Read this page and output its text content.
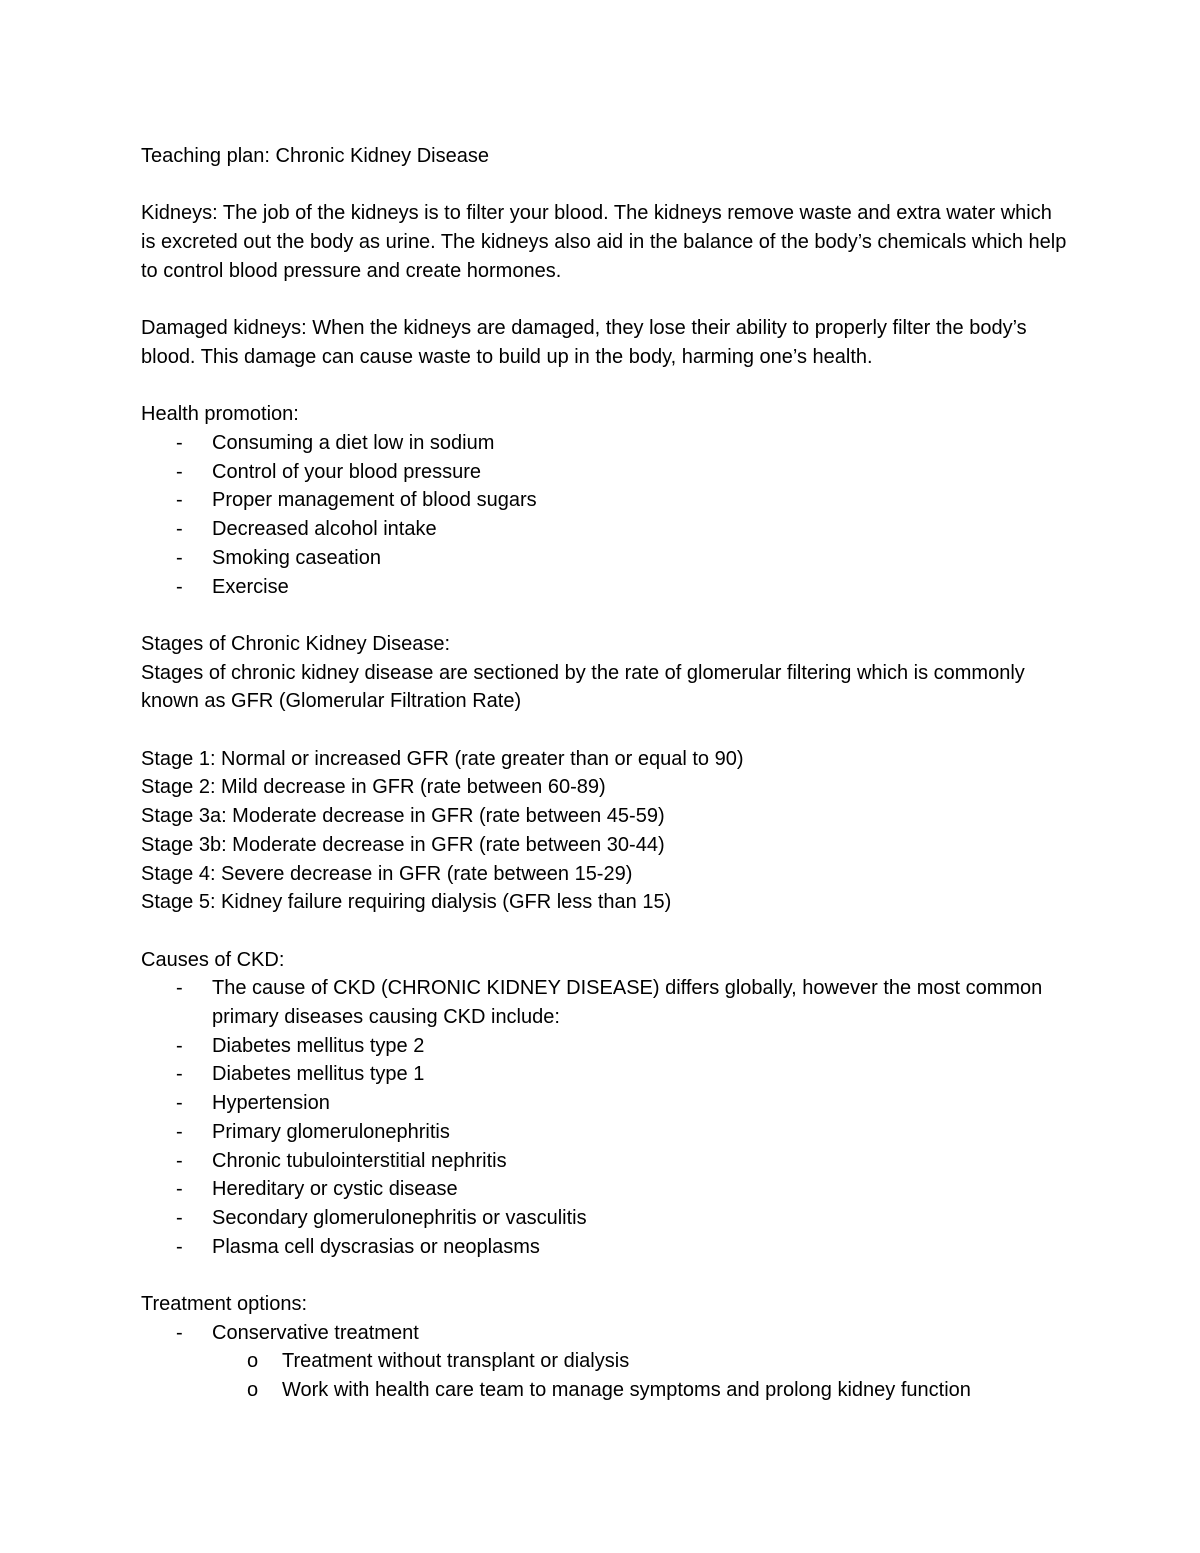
Teaching plan: Chronic Kidney Disease

Kidneys: The job of the kidneys is to filter your blood. The kidneys remove waste and extra water which is excreted out the body as urine. The kidneys also aid in the balance of the body’s chemicals which help to control blood pressure and create hormones.

Damaged kidneys: When the kidneys are damaged, they lose their ability to properly filter the body’s blood. This damage can cause waste to build up in the body, harming one’s health.

Health promotion:

- Consuming a diet low in sodium
- Control of your blood pressure
- Proper management of blood sugars
- Decreased alcohol intake
- Smoking caseation
- Exercise

Stages of Chronic Kidney Disease:

Stages of chronic kidney disease are sectioned by the rate of glomerular filtering which is commonly known as GFR (Glomerular Filtration Rate)

Stage 1: Normal or increased GFR (rate greater than or equal to 90)

Stage 2: Mild decrease in GFR (rate between 60-89)

Stage 3a: Moderate decrease in GFR (rate between 45-59)

Stage 3b: Moderate decrease in GFR (rate between 30-44)

Stage 4: Severe decrease in GFR (rate between 15-29)

Stage 5: Kidney failure requiring dialysis (GFR less than 15)

Causes of CKD:

- The cause of CKD (CHRONIC KIDNEY DISEASE) differs globally, however the most common primary diseases causing CKD include:
- Diabetes mellitus type 2
- Diabetes mellitus type 1
- Hypertension
- Primary glomerulonephritis
- Chronic tubulointerstitial nephritis
- Hereditary or cystic disease
- Secondary glomerulonephritis or vasculitis
- Plasma cell dyscrasias or neoplasms

Treatment options:

- Conservative treatment
o Treatment without transplant or dialysis
o Work with health care team to manage symptoms and prolong kidney function
